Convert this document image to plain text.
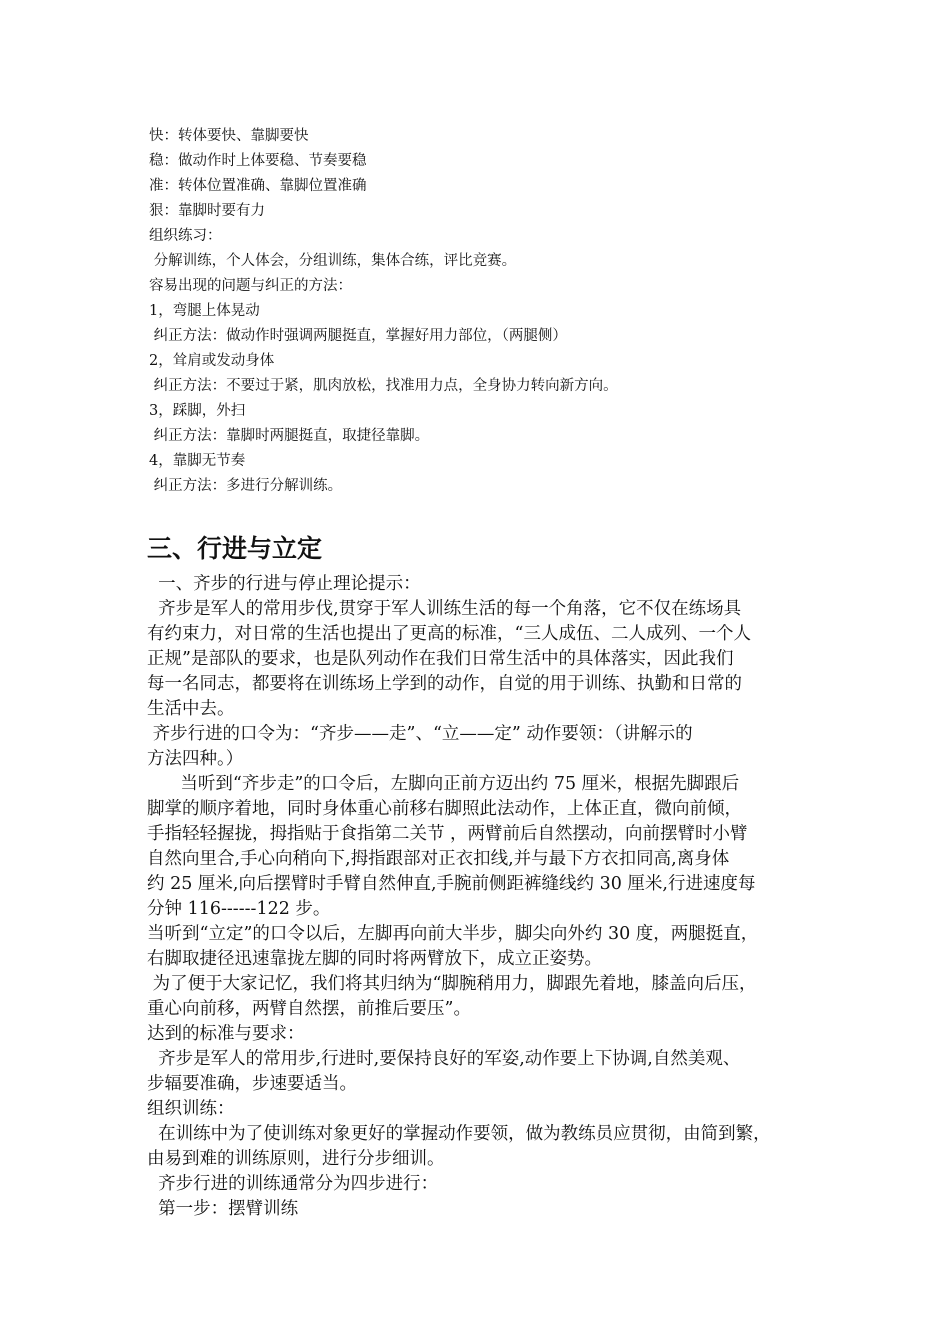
快：转体要快、靠脚要快
稳：做动作时上体要稳、节奏要稳
准：转体位置准确、靠脚位置准确
狠：靠脚时要有力
组织练习：
分解训练，个人体会，分组训练，集体合练，评比竞赛。
容易出现的问题与纠正的方法：
1，弯腿上体晃动
纠正方法：做动作时强调两腿挺直，掌握好用力部位，（两腿侧）
2，耸肩或发动身体
纠正方法：不要过于紧，肌肉放松，找准用力点，全身协力转向新方向。
3，踩脚，外扫
纠正方法：靠脚时两腿挺直，取捷径靠脚。
4，靠脚无节奏
纠正方法：多进行分解训练。
三、行进与立定
一、齐步的行进与停止理论提示：
齐步是军人的常用步伐,贯穿于军人训练生活的每一个角落，它不仅在练场具
有约束力，对日常的生活也提出了更高的标准，“三人成伍、二人成列、一个人
正规”是部队的要求，也是队列动作在我们日常生活中的具体落实，因此我们
每一名同志，都要将在训练场上学到的动作，自觉的用于训练、执勤和日常的
生活中去。
齐步行进的口令为：“齐步——走”、“立——定” 动作要领：（讲解示的
方法四种。）
当听到“齐步走”的口令后，左脚向正前方迈出约 75 厘米，根据先脚跟后
脚掌的顺序着地，同时身体重心前移右脚照此法动作，上体正直，微向前倾，
手指轻轻握拢，拇指贴于食指第二关节 ，两臂前后自然摆动，向前摆臂时小臂
自然向里合,手心向稍向下,拇指跟部对正衣扣线,并与最下方衣扣同高,离身体
约 25 厘米,向后摆臂时手臂自然伸直,手腕前侧距裤缝线约 30 厘米,行进速度每
分钟 116------122 步。
当听到“立定”的口令以后，左脚再向前大半步，脚尖向外约 30 度，两腿挺直，
右脚取捷径迅速靠拢左脚的同时将两臂放下，成立正姿势。
为了便于大家记忆，我们将其归纳为“脚腕稍用力，脚跟先着地，膝盖向后压，
重心向前移，两臂自然摆，前推后要压”。
达到的标准与要求：
齐步是军人的常用步,行进时,要保持良好的军姿,动作要上下协调,自然美观、
步辐要准确，步速要适当。
组织训练：
在训练中为了使训练对象更好的掌握动作要领，做为教练员应贯彻，由简到繁，
由易到难的训练原则，进行分步细训。
齐步行进的训练通常分为四步进行：
第一步：摆臂训练
